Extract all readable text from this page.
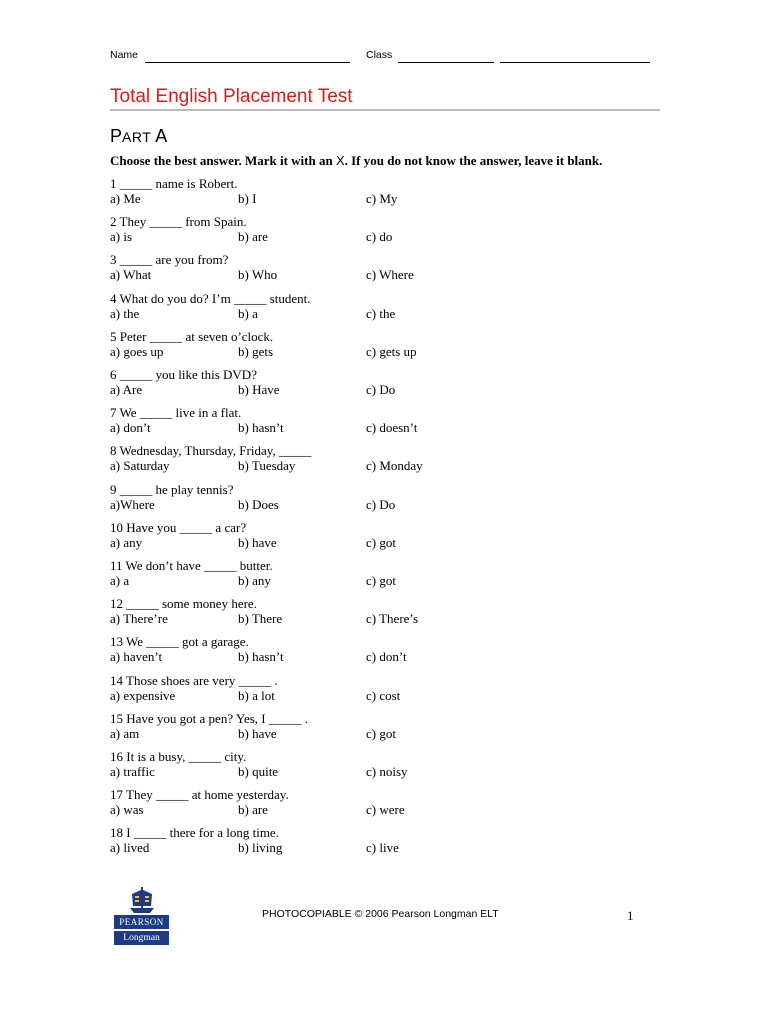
Name	Class
Total English Placement Test
PART A
Choose the best answer. Mark it with an X. If you do not know the answer, leave it blank.
1 _____ name is Robert.
a) Me	b) I	c) My
2 They _____ from Spain.
a) is	b) are	c) do
3 _____ are you from?
a) What	b) Who	c) Where
4 What do you do? I’m _____ student.
a) the	b) a	c) the
5 Peter _____ at seven o’clock.
a) goes up	b) gets	c) gets up
6 _____ you like this DVD?
a) Are	b) Have	c) Do
7 We _____ live in a flat.
a) don’t	b) hasn’t	c) doesn’t
8 Wednesday, Thursday, Friday, _____
a) Saturday	b) Tuesday	c) Monday
9 _____ he play tennis?
a)Where	b) Does	c) Do
10 Have you _____ a car?
a) any	b) have	c) got
11 We don’t have _____ butter.
a) a	b) any	c) got
12 _____ some money here.
a) There’re	b) There	c) There’s
13 We _____ got a garage.
a) haven’t	b) hasn’t	c) don’t
14 Those shoes are very _____ .
a) expensive	b) a lot	c) cost
15 Have you got a pen? Yes, I _____ .
a) am	b) have	c) got
16 It is a busy, _____ city.
a) traffic	b) quite	c) noisy
17 They _____ at home yesterday.
a) was	b) are	c) were
18 I _____ there for a long time.
a) lived	b) living	c) live
PEARSON
Longman
PHOTOCOPIABLE © 2006 Pearson Longman ELT	1
